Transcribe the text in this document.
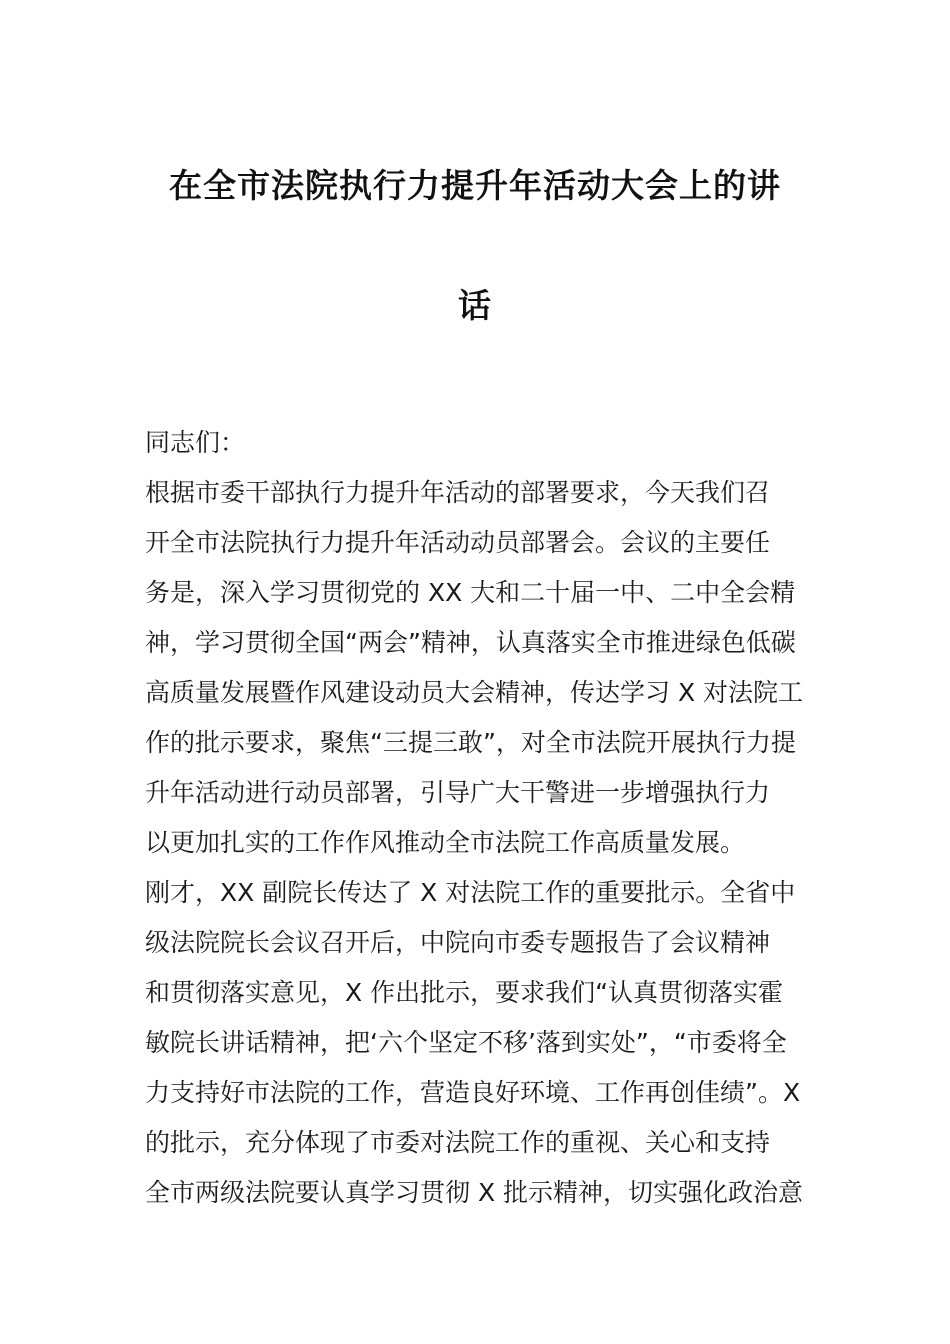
在全市法院执行力提升年活动大会上的讲
话
同志们：
根据市委干部执行力提升年活动的部署要求，今天我们召
开全市法院执行力提升年活动动员部署会。会议的主要任
务是，深入学习贯彻党的 XX 大和二十届一中、二中全会精
神，学习贯彻全国“两会”精神，认真落实全市推进绿色低碳
高质量发展暨作风建设动员大会精神，传达学习 X 对法院工
作的批示要求，聚焦“三提三敢”，对全市法院开展执行力提
升年活动进行动员部署，引导广大干警进一步增强执行力
以更加扎实的工作作风推动全市法院工作高质量发展。
刚才，XX 副院长传达了 X 对法院工作的重要批示。全省中
级法院院长会议召开后，中院向市委专题报告了会议精神
和贯彻落实意见，X 作出批示，要求我们“认真贯彻落实霍
敏院长讲话精神，把‘六个坚定不移’落到实处”，“市委将全
力支持好市法院的工作，营造良好环境、工作再创佳绩”。X
的批示，充分体现了市委对法院工作的重视、关心和支持
全市两级法院要认真学习贯彻 X 批示精神，切实强化政治意
